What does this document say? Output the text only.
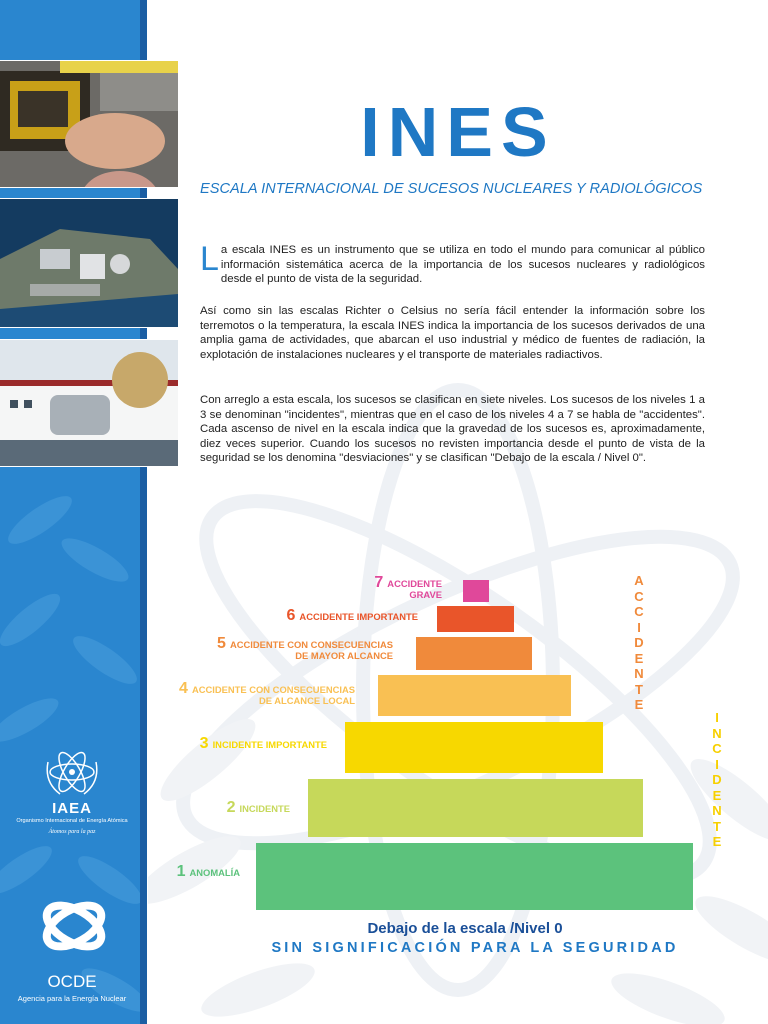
IAEA
Organismo Internacional de Energía Atómica
Átomos para la paz
OCDE
Agencia para la Energía Nuclear
INES

ESCALA INTERNACIONAL DE SUCESOS NUCLEARES Y RADIOLÓGICOS

La escala INES es un instrumento que se utiliza en todo el mundo para comunicar al público información sistemática acerca de la importancia de los sucesos nucleares y radiológicos desde el punto de vista de la seguridad.

Así como sin las escalas Richter o Celsius no sería fácil entender la información sobre los terremotos o la temperatura, la escala INES indica la importancia de los sucesos derivados de una amplia gama de actividades, que abarcan el uso industrial y médico de fuentes de radiación, la explotación de instalaciones nucleares y el transporte de materiales radiactivos.

Con arreglo a esta escala, los sucesos se clasifican en siete niveles. Los sucesos de los niveles 1 a 3 se denominan "incidentes", mientras que en el caso de los niveles 4 a 7 se habla de "accidentes". Cada ascenso de nivel en la escala indica que la gravedad de los sucesos es, aproximadamente, diez veces superior. Cuando los sucesos no revisten importancia desde el punto de vista de la seguridad se los denomina "desviaciones" y se clasifican "Debajo de la escala / Nivel 0".

7 ACCIDENTE
GRAVE
6 ACCIDENTE IMPORTANTE
5 ACCIDENTE CON CONSECUENCIAS
DE MAYOR ALCANCE
4 ACCIDENTE CON CONSECUENCIAS
DE ALCANCE LOCAL
3 INCIDENTE IMPORTANTE
2 INCIDENTE
1 ANOMALÍA
A
C
C
I
D
E
N
T
E
I
N
C
I
D
E
N
T
E
Debajo de la escala /Nivel 0
SIN SIGNIFICACIÓN PARA LA SEGURIDAD
